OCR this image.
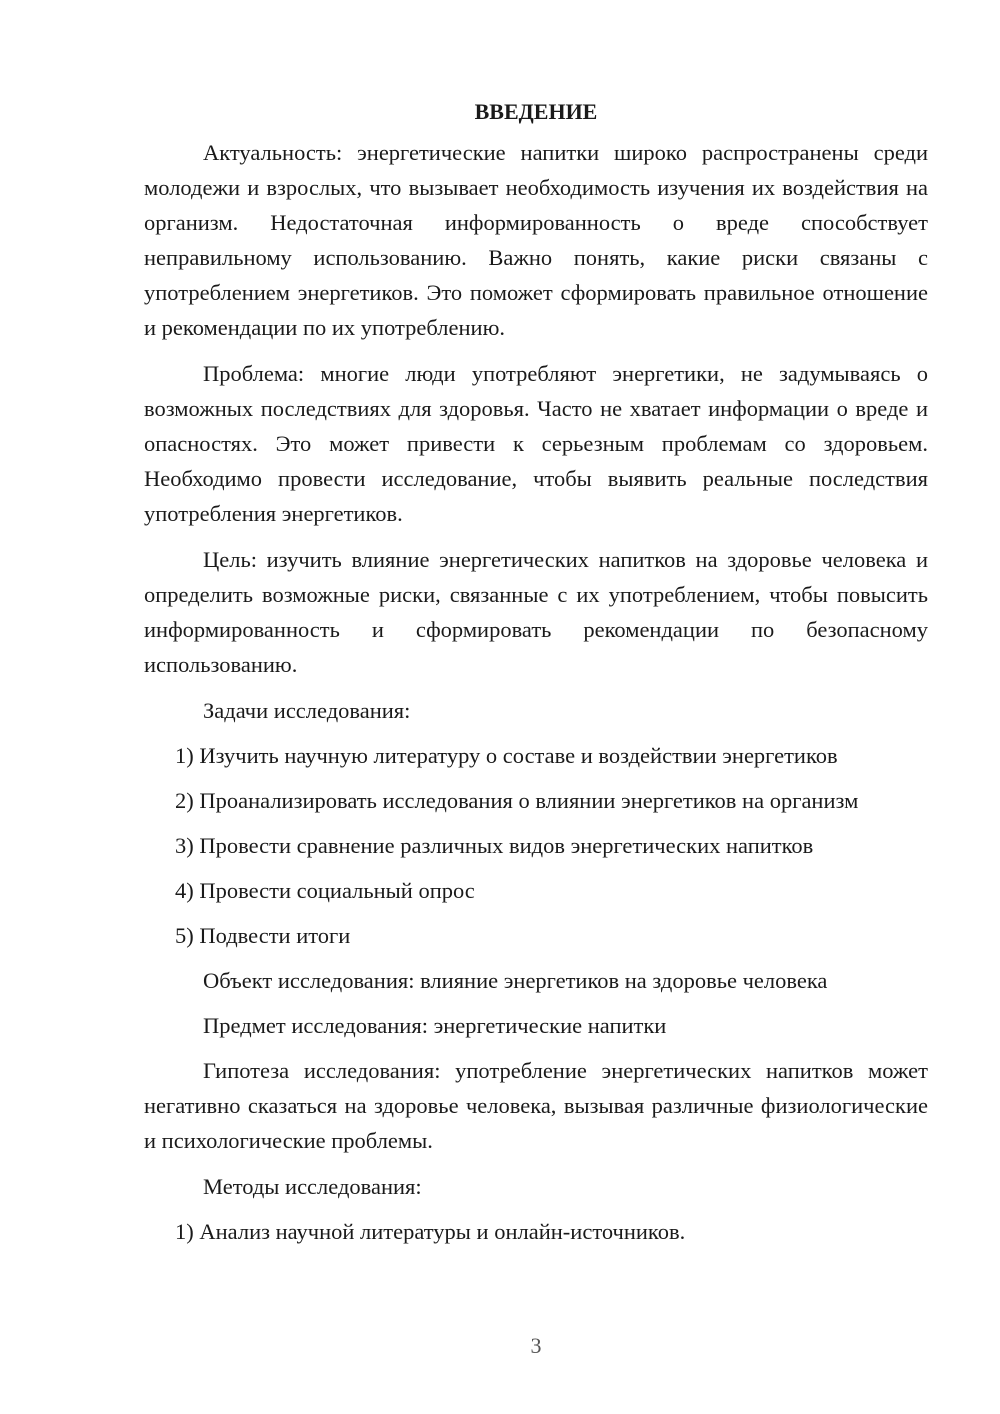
ВВЕДЕНИЕ

Актуальность: энергетические напитки широко распространены среди молодежи и взрослых, что вызывает необходимость изучения их воздействия на организм. Недостаточная информированность о вреде способствует неправильному использованию. Важно понять, какие риски связаны с употреблением энергетиков. Это поможет сформировать правильное отношение и рекомендации по их употреблению.

Проблема: многие люди употребляют энергетики, не задумываясь о возможных последствиях для здоровья. Часто не хватает информации о вреде и опасностях. Это может привести к серьезным проблемам со здоровьем. Необходимо провести исследование, чтобы выявить реальные последствия употребления энергетиков.

Цель: изучить влияние энергетических напитков на здоровье человека и определить возможные риски, связанные с их употреблением, чтобы повысить информированность и сформировать рекомендации по безопасному использованию.

Задачи исследования:

1) Изучить научную литературу о составе и воздействии энергетиков

2) Проанализировать исследования о влиянии энергетиков на организм

3) Провести сравнение различных видов энергетических напитков

4) Провести социальный опрос

5) Подвести итоги

Объект исследования: влияние энергетиков на здоровье человека

Предмет исследования: энергетические напитки

Гипотеза исследования: употребление энергетических напитков может негативно сказаться на здоровье человека, вызывая различные физиологические и психологические проблемы.

Методы исследования:

1) Анализ научной литературы и онлайн-источников.

3
